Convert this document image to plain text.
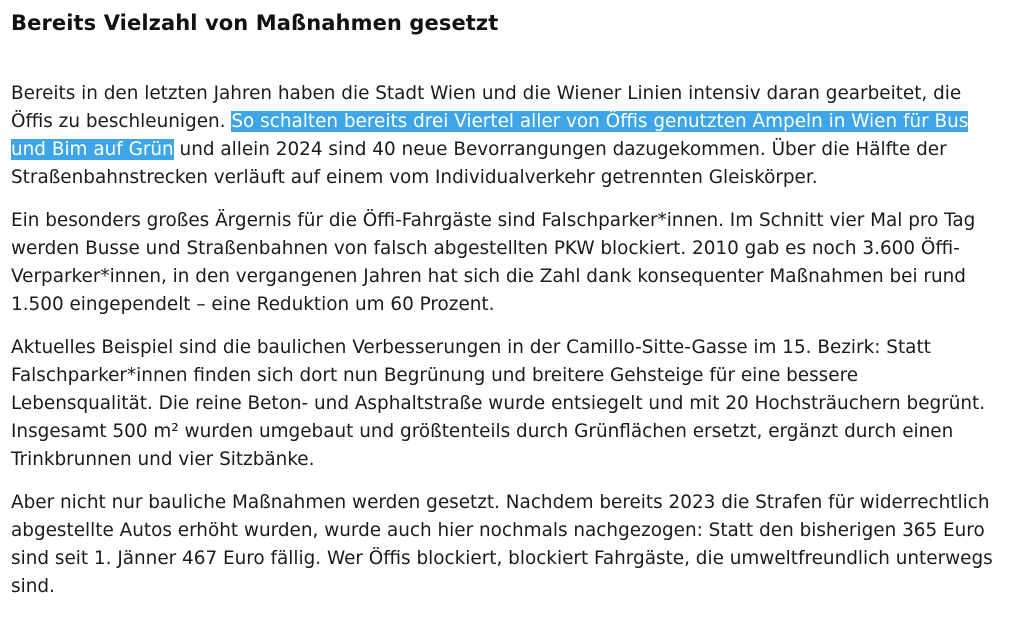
Bereits Vielzahl von Maßnahmen gesetzt

Bereits in den letzten Jahren haben die Stadt Wien und die Wiener Linien intensiv daran gearbeitet, die Öffis zu beschleunigen. So schalten bereits drei Viertel aller von Öffis genutzten Ampeln in Wien für Bus und Bim auf Grün und allein 2024 sind 40 neue Bevorrangungen dazugekommen. Über die Hälfte der Straßenbahnstrecken verläuft auf einem vom Individualverkehr getrennten Gleiskörper.

Ein besonders großes Ärgernis für die Öffi-Fahrgäste sind Falschparker*innen. Im Schnitt vier Mal pro Tag werden Busse und Straßenbahnen von falsch abgestellten PKW blockiert. 2010 gab es noch 3.600 Öffi-Verparker*innen, in den vergangenen Jahren hat sich die Zahl dank konsequenter Maßnahmen bei rund 1.500 eingependelt – eine Reduktion um 60 Prozent.

Aktuelles Beispiel sind die baulichen Verbesserungen in der Camillo-Sitte-Gasse im 15. Bezirk: Statt Falschparker*innen finden sich dort nun Begrünung und breitere Gehsteige für eine bessere Lebensqualität. Die reine Beton- und Asphaltstraße wurde entsiegelt und mit 20 Hochsträuchern begrünt. Insgesamt 500 m² wurden umgebaut und größtenteils durch Grünflächen ersetzt, ergänzt durch einen Trinkbrunnen und vier Sitzbänke.

Aber nicht nur bauliche Maßnahmen werden gesetzt. Nachdem bereits 2023 die Strafen für widerrechtlich abgestellte Autos erhöht wurden, wurde auch hier nochmals nachgezogen: Statt den bisherigen 365 Euro sind seit 1. Jänner 467 Euro fällig. Wer Öffis blockiert, blockiert Fahrgäste, die umweltfreundlich unterwegs sind.
